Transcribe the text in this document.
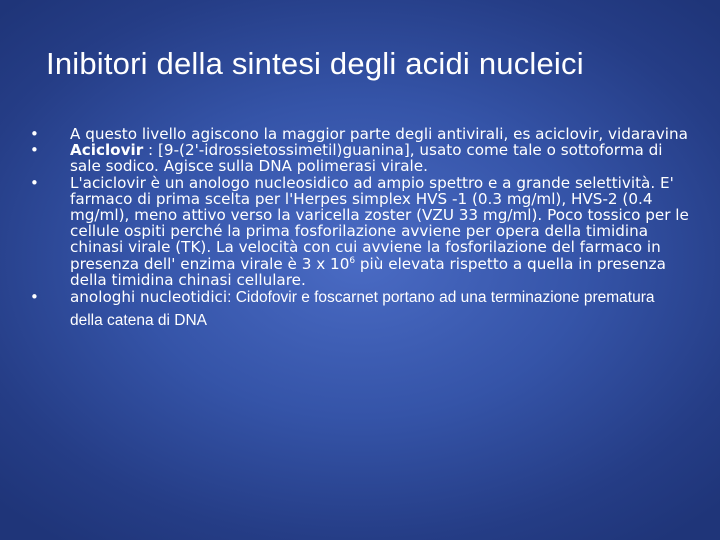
Inibitori della sintesi degli acidi nucleici
•	A questo livello agiscono la maggior parte degli antivirali, es aciclovir, vidaravina
•	Aciclovir : [9-(2'-idrossietossimetil)guanina], usato come tale o sottoforma di sale sodico. Agisce sulla DNA polimerasi virale.
•	L'aciclovir è un anologo nucleosidico ad ampio spettro e a grande selettività. E' farmaco di prima scelta per l'Herpes simplex HVS -1 (0.3 mg/ml), HVS-2 (0.4 mg/ml), meno attivo verso la varicella zoster (VZU 33 mg/ml). Poco tossico per le cellule ospiti perché la prima fosforilazione avviene per opera della timidina chinasi virale (TK). La velocità con cui avviene la fosforilazione del farmaco in presenza dell' enzima virale è 3 x $10^6$ più elevata rispetto a quella in presenza della timidina chinasi cellulare.
•	anologhi nucleotidici: Cidofovir e foscarnet portano ad una terminazione prematura della catena di DNA
